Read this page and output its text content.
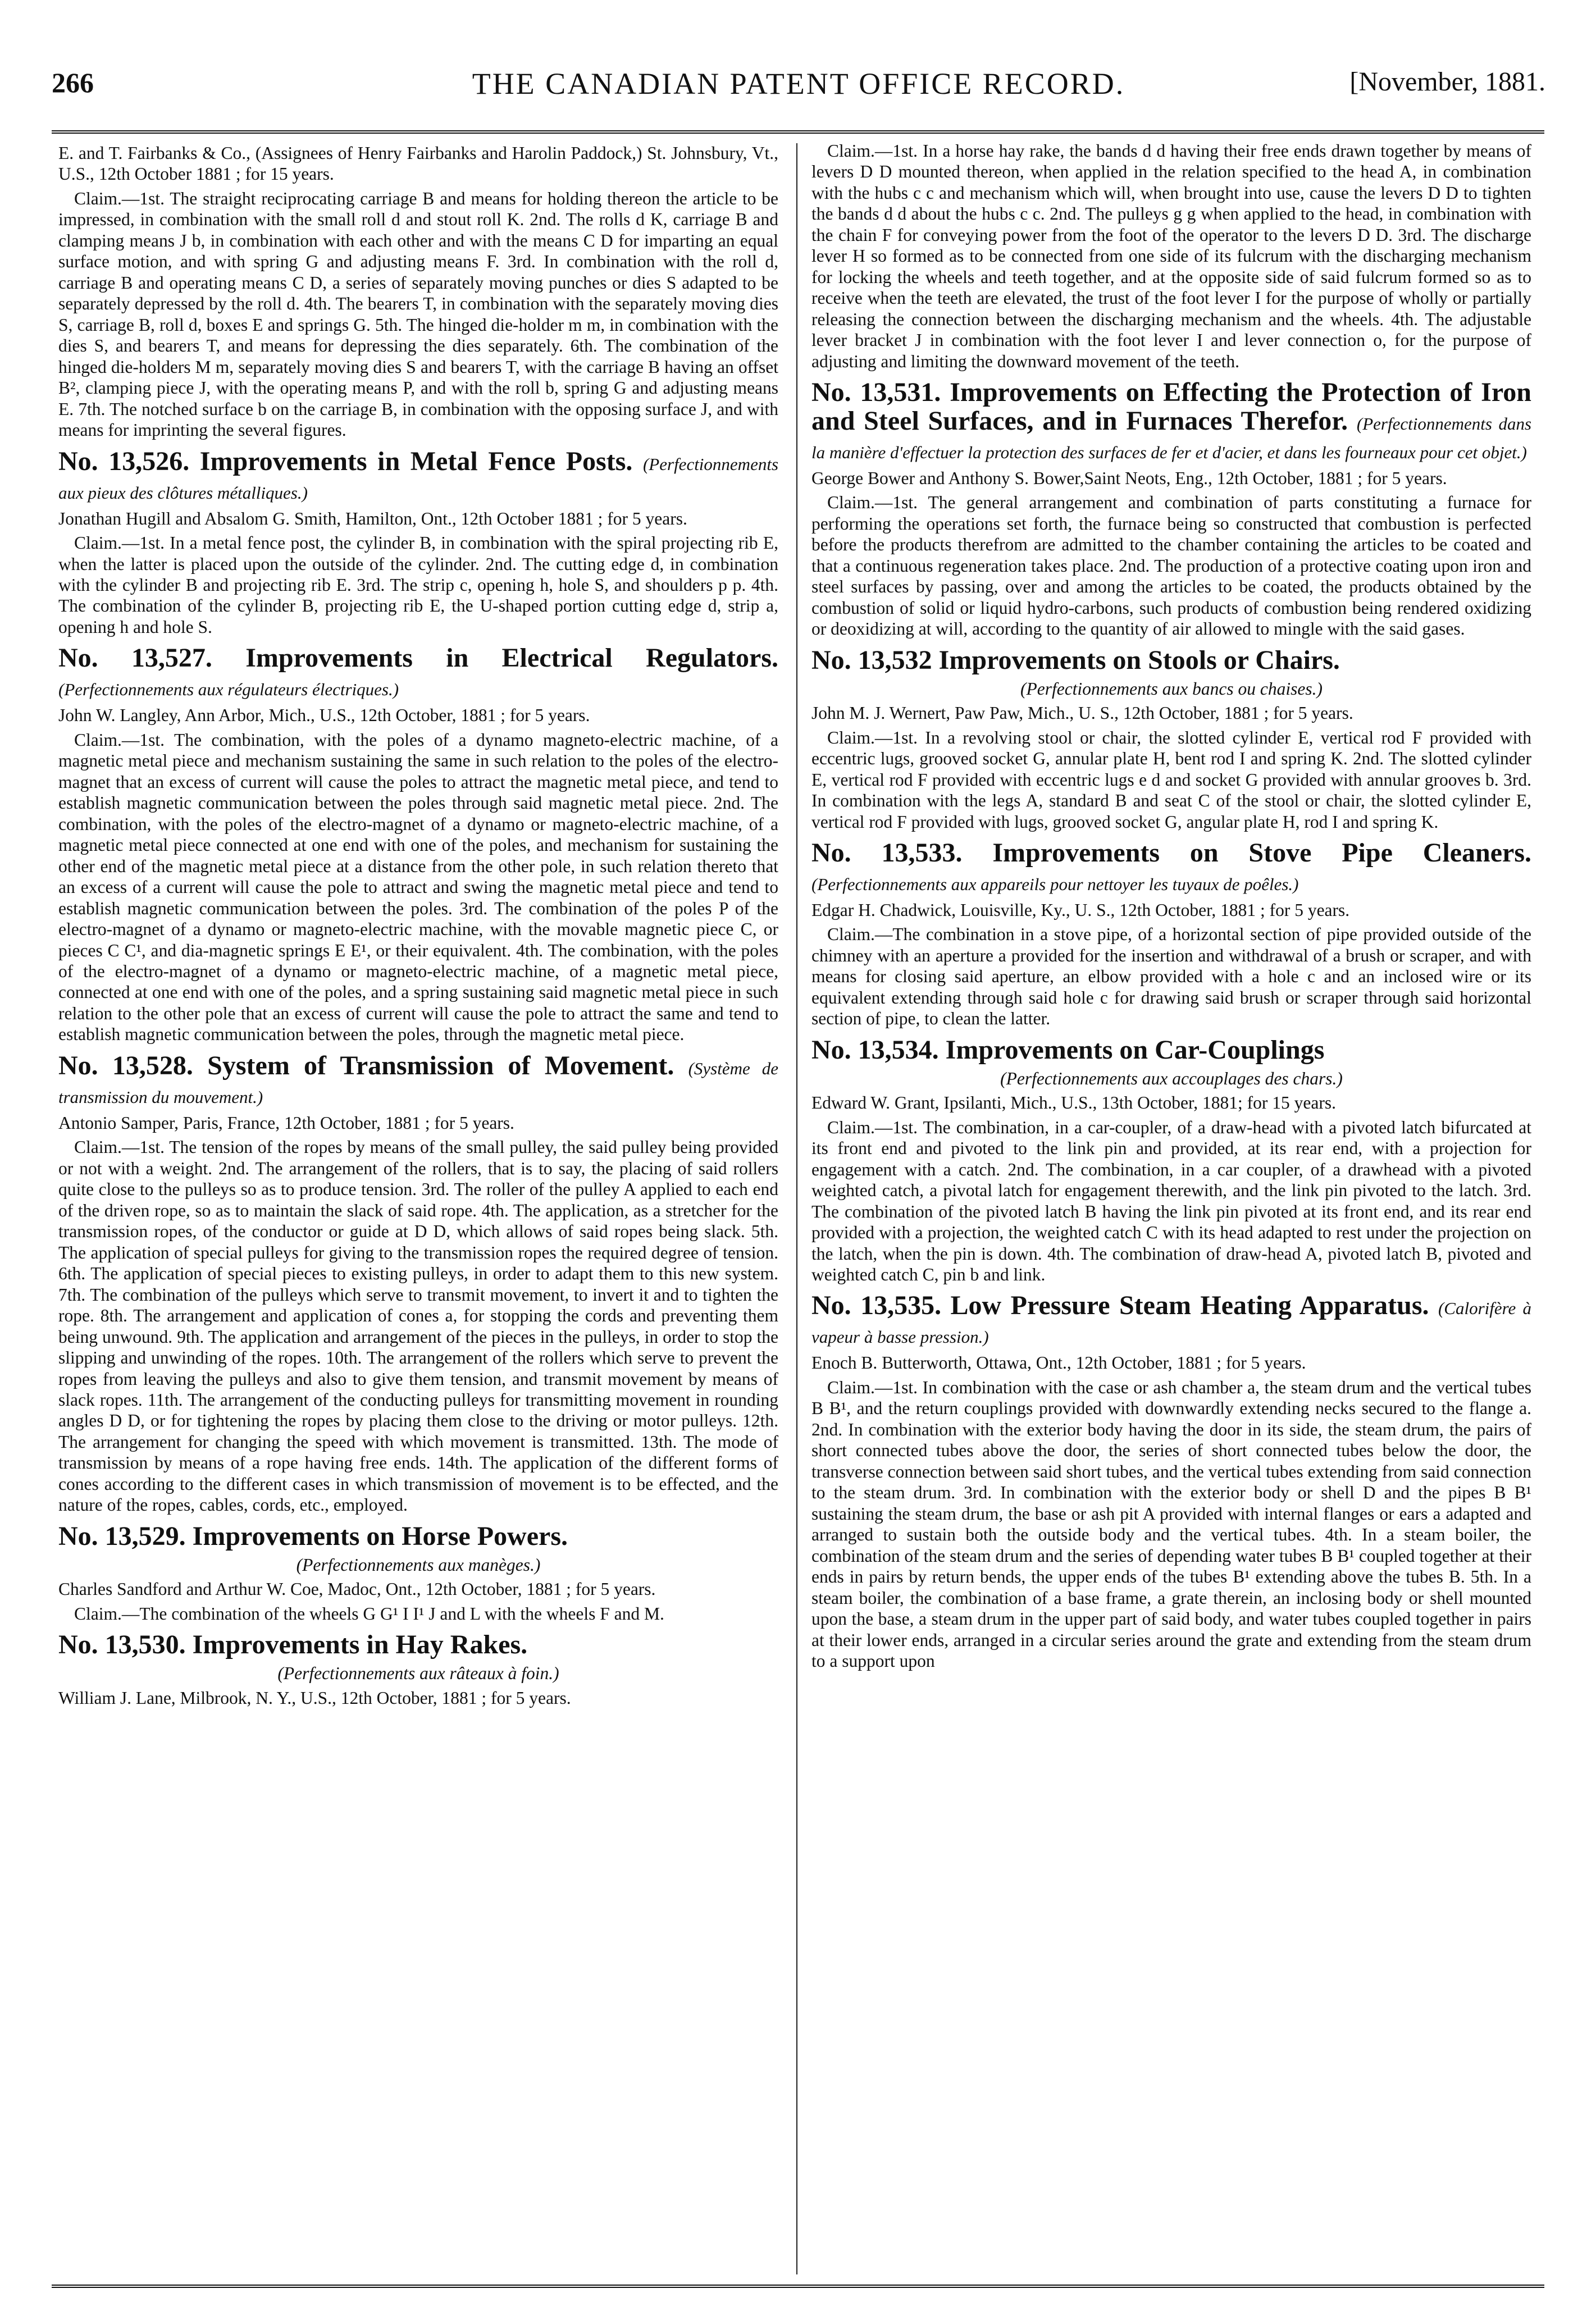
266	THE CANADIAN PATENT OFFICE RECORD.	[November, 1881.

E. and T. Fairbanks & Co., (Assignees of Henry Fairbanks and Harolin Paddock,) St. Johnsbury, Vt., U.S., 12th October 1881 ; for 15 years.

Claim.—1st. The straight reciprocating carriage B and means for holding thereon the article to be impressed, in combination with the small roll d and stout roll K. 2nd. The rolls d K, carriage B and clamping means J b, in combination with each other and with the means C D for imparting an equal surface motion, and with spring G and adjusting means F. 3rd. In combination with the roll d, carriage B and operating means C D, a series of separately moving punches or dies S adapted to be separately depressed by the roll d. 4th. The bearers T, in combination with the separately moving dies S, carriage B, roll d, boxes E and springs G. 5th. The hinged die-holder m m, in combination with the dies S, and bearers T, and means for depressing the dies separately. 6th. The combination of the hinged die-holders M m, separately moving dies S and bearers T, with the carriage B having an offset B², clamping piece J, with the operating means P, and with the roll b, spring G and adjusting means E. 7th. The notched surface b on the carriage B, in combination with the opposing surface J, and with means for imprinting the several figures.

No. 13,526. Improvements in Metal Fence Posts. (Perfectionnements aux pieux des clôtures métalliques.)

Jonathan Hugill and Absalom G. Smith, Hamilton, Ont., 12th October 1881 ; for 5 years.

Claim.—1st. In a metal fence post, the cylinder B, in combination with the spiral projecting rib E, when the latter is placed upon the outside of the cylinder. 2nd. The cutting edge d, in combination with the cylinder B and projecting rib E. 3rd. The strip c, opening h, hole S, and shoulders p p. 4th. The combination of the cylinder B, projecting rib E, the U-shaped portion cutting edge d, strip a, opening h and hole S.

No. 13,527. Improvements in Electrical Regulators. (Perfectionnements aux régulateurs électriques.)

John W. Langley, Ann Arbor, Mich., U.S., 12th October, 1881 ; for 5 years.

Claim.—1st. The combination, with the poles of a dynamo magneto-electric machine, of a magnetic metal piece and mechanism sustaining the same in such relation to the poles of the electro-magnet that an excess of current will cause the poles to attract the magnetic metal piece, and tend to establish magnetic communication between the poles through said magnetic metal piece. 2nd. The combination, with the poles of the electro-magnet of a dynamo or magneto-electric machine, of a magnetic metal piece connected at one end with one of the poles, and mechanism for sustaining the other end of the magnetic metal piece at a distance from the other pole, in such relation thereto that an excess of a current will cause the pole to attract and swing the magnetic metal piece and tend to establish magnetic communication between the poles. 3rd. The combination of the poles P of the electro-magnet of a dynamo or magneto-electric machine, with the movable magnetic piece C, or pieces C C¹, and dia-magnetic springs E E¹, or their equivalent. 4th. The combination, with the poles of the electro-magnet of a dynamo or magneto-electric machine, of a magnetic metal piece, connected at one end with one of the poles, and a spring sustaining said magnetic metal piece in such relation to the other pole that an excess of current will cause the pole to attract the same and tend to establish magnetic communication between the poles, through the magnetic metal piece.

No. 13,528. System of Transmission of Movement. (Système de transmission du mouvement.)

Antonio Samper, Paris, France, 12th October, 1881 ; for 5 years.

Claim.—1st. The tension of the ropes by means of the small pulley, the said pulley being provided or not with a weight. 2nd. The arrangement of the rollers, that is to say, the placing of said rollers quite close to the pulleys so as to produce tension. 3rd. The roller of the pulley A applied to each end of the driven rope, so as to maintain the slack of said rope. 4th. The application, as a stretcher for the transmission ropes, of the conductor or guide at D D, which allows of said ropes being slack. 5th. The application of special pulleys for giving to the transmission ropes the required degree of tension. 6th. The application of special pieces to existing pulleys, in order to adapt them to this new system. 7th. The combination of the pulleys which serve to transmit movement, to invert it and to tighten the rope. 8th. The arrangement and application of cones a, for stopping the cords and preventing them being unwound. 9th. The application and arrangement of the pieces in the pulleys, in order to stop the slipping and unwinding of the ropes. 10th. The arrangement of the rollers which serve to prevent the ropes from leaving the pulleys and also to give them tension, and transmit movement by means of slack ropes. 11th. The arrangement of the conducting pulleys for transmitting movement in rounding angles D D, or for tightening the ropes by placing them close to the driving or motor pulleys. 12th. The arrangement for changing the speed with which movement is transmitted. 13th. The mode of transmission by means of a rope having free ends. 14th. The application of the different forms of cones according to the different cases in which transmission of movement is to be effected, and the nature of the ropes, cables, cords, etc., employed.

No. 13,529. Improvements on Horse Powers.

(Perfectionnements aux manèges.)

Charles Sandford and Arthur W. Coe, Madoc, Ont., 12th October, 1881 ; for 5 years.

Claim.—The combination of the wheels G G¹ I I¹ J and L with the wheels F and M.

No. 13,530. Improvements in Hay Rakes.

(Perfectionnements aux râteaux à foin.)

William J. Lane, Milbrook, N. Y., U.S., 12th October, 1881 ; for 5 years.

Claim.—1st. In a horse hay rake, the bands d d having their free ends drawn together by means of levers D D mounted thereon, when applied in the relation specified to the head A, in combination with the hubs c c and mechanism which will, when brought into use, cause the levers D D to tighten the bands d d about the hubs c c. 2nd. The pulleys g g when applied to the head, in combination with the chain F for conveying power from the foot of the operator to the levers D D. 3rd. The discharge lever H so formed as to be connected from one side of its fulcrum with the discharging mechanism for locking the wheels and teeth together, and at the opposite side of said fulcrum formed so as to receive when the teeth are elevated, the trust of the foot lever I for the purpose of wholly or partially releasing the connection between the discharging mechanism and the wheels. 4th. The adjustable lever bracket J in combination with the foot lever I and lever connection o, for the purpose of adjusting and limiting the downward movement of the teeth.

No. 13,531. Improvements on Effecting the Protection of Iron and Steel Surfaces, and in Furnaces Therefor. (Perfectionnements dans la manière d'effectuer la protection des surfaces de fer et d'acier, et dans les fourneaux pour cet objet.)

George Bower and Anthony S. Bower,Saint Neots, Eng., 12th October, 1881 ; for 5 years.

Claim.—1st. The general arrangement and combination of parts constituting a furnace for performing the operations set forth, the furnace being so constructed that combustion is perfected before the products therefrom are admitted to the chamber containing the articles to be coated and that a continuous regeneration takes place. 2nd. The production of a protective coating upon iron and steel surfaces by passing, over and among the articles to be coated, the products obtained by the combustion of solid or liquid hydro-carbons, such products of combustion being rendered oxidizing or deoxidizing at will, according to the quantity of air allowed to mingle with the said gases.

No. 13,532 Improvements on Stools or Chairs.

(Perfectionnements aux bancs ou chaises.)

John M. J. Wernert, Paw Paw, Mich., U. S., 12th October, 1881 ; for 5 years.

Claim.—1st. In a revolving stool or chair, the slotted cylinder E, vertical rod F provided with eccentric lugs, grooved socket G, annular plate H, bent rod I and spring K. 2nd. The slotted cylinder E, vertical rod F provided with eccentric lugs e d and socket G provided with annular grooves b. 3rd. In combination with the legs A, standard B and seat C of the stool or chair, the slotted cylinder E, vertical rod F provided with lugs, grooved socket G, angular plate H, rod I and spring K.

No. 13,533. Improvements on Stove Pipe Cleaners. (Perfectionnements aux appareils pour nettoyer les tuyaux de poêles.)

Edgar H. Chadwick, Louisville, Ky., U. S., 12th October, 1881 ; for 5 years.

Claim.—The combination in a stove pipe, of a horizontal section of pipe provided outside of the chimney with an aperture a provided for the insertion and withdrawal of a brush or scraper, and with means for closing said aperture, an elbow provided with a hole c and an inclosed wire or its equivalent extending through said hole c for drawing said brush or scraper through said horizontal section of pipe, to clean the latter.

No. 13,534. Improvements on Car-Couplings

(Perfectionnements aux accouplages des chars.)

Edward W. Grant, Ipsilanti, Mich., U.S., 13th October, 1881; for 15 years.

Claim.—1st. The combination, in a car-coupler, of a draw-head with a pivoted latch bifurcated at its front end and pivoted to the link pin and provided, at its rear end, with a projection for engagement with a catch. 2nd. The combination, in a car coupler, of a drawhead with a pivoted weighted catch, a pivotal latch for engagement therewith, and the link pin pivoted to the latch. 3rd. The combination of the pivoted latch B having the link pin pivoted at its front end, and its rear end provided with a projection, the weighted catch C with its head adapted to rest under the projection on the latch, when the pin is down. 4th. The combination of draw-head A, pivoted latch B, pivoted and weighted catch C, pin b and link.

No. 13,535. Low Pressure Steam Heating Apparatus. (Calorifère à vapeur à basse pression.)

Enoch B. Butterworth, Ottawa, Ont., 12th October, 1881 ; for 5 years.

Claim.—1st. In combination with the case or ash chamber a, the steam drum and the vertical tubes B B¹, and the return couplings provided with downwardly extending necks secured to the flange a. 2nd. In combination with the exterior body having the door in its side, the steam drum, the pairs of short connected tubes above the door, the series of short connected tubes below the door, the transverse connection between said short tubes, and the vertical tubes extending from said connection to the steam drum. 3rd. In combination with the exterior body or shell D and the pipes B B¹ sustaining the steam drum, the base or ash pit A provided with internal flanges or ears a adapted and arranged to sustain both the outside body and the vertical tubes. 4th. In a steam boiler, the combination of the steam drum and the series of depending water tubes B B¹ coupled together at their ends in pairs by return bends, the upper ends of the tubes B¹ extending above the tubes B. 5th. In a steam boiler, the combination of a base frame, a grate therein, an inclosing body or shell mounted upon the base, a steam drum in the upper part of said body, and water tubes coupled together in pairs at their lower ends, arranged in a circular series around the grate and extending from the steam drum to a support upon
